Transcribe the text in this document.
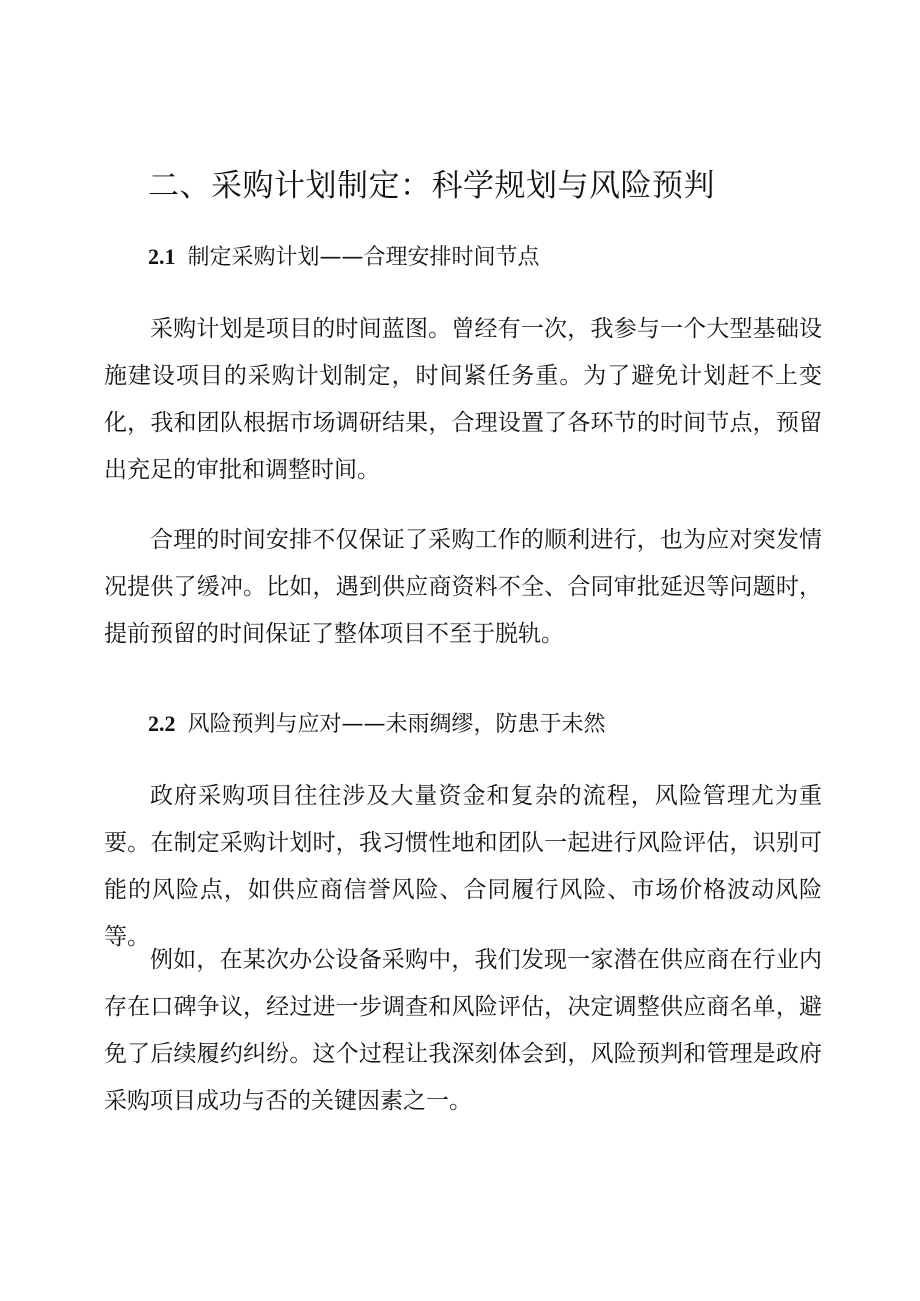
二、采购计划制定：科学规划与风险预判
2.1 制定采购计划——合理安排时间节点

采购计划是项目的时间蓝图。曾经有一次，我参与一个大型基础设施建设项目的采购计划制定，时间紧任务重。为了避免计划赶不上变化，我和团队根据市场调研结果，合理设置了各环节的时间节点，预留出充足的审批和调整时间。

合理的时间安排不仅保证了采购工作的顺利进行，也为应对突发情况提供了缓冲。比如，遇到供应商资料不全、合同审批延迟等问题时，提前预留的时间保证了整体项目不至于脱轨。

2.2 风险预判与应对——未雨绸缪，防患于未然

政府采购项目往往涉及大量资金和复杂的流程，风险管理尤为重要。在制定采购计划时，我习惯性地和团队一起进行风险评估，识别可能的风险点，如供应商信誉风险、合同履行风险、市场价格波动风险等。

例如，在某次办公设备采购中，我们发现一家潜在供应商在行业内存在口碑争议，经过进一步调查和风险评估，决定调整供应商名单，避免了后续履约纠纷。这个过程让我深刻体会到，风险预判和管理是政府采购项目成功与否的关键因素之一。
